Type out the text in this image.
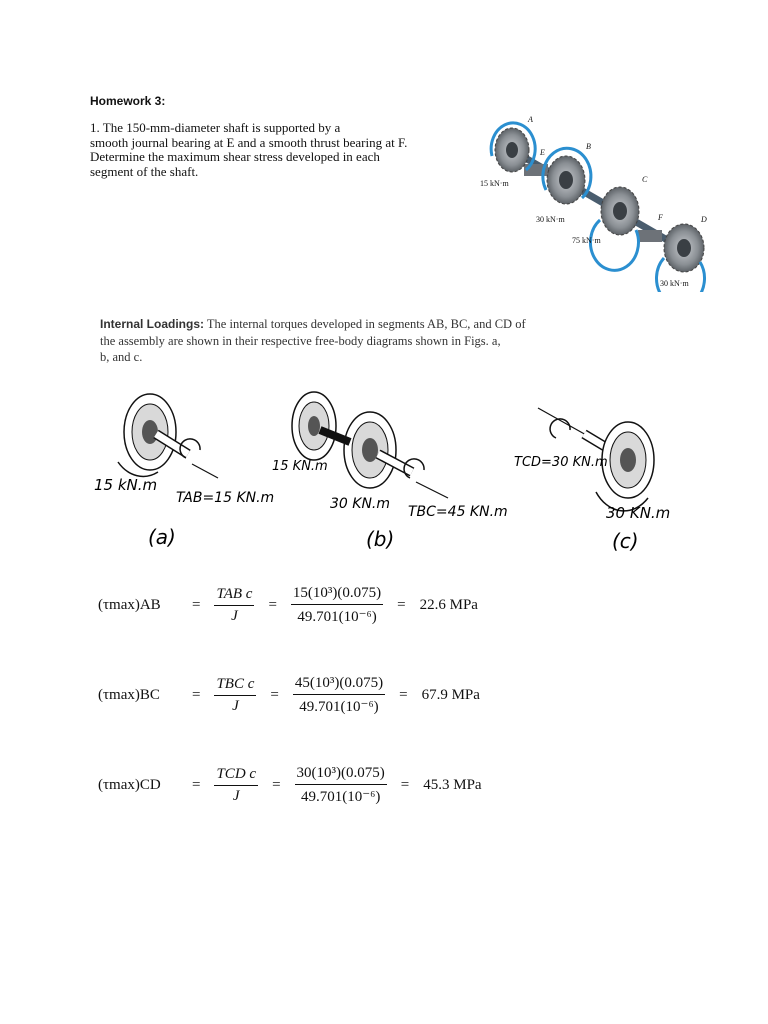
Homework 3:

1. The 150-mm-diameter shaft is supported by a

smooth journal bearing at E and a smooth thrust bearing at F.

Determine the maximum shear stress developed in each

segment of the shaft.

A
E
B
C
F	D
15 kN·m
30 kN·m
75 kN·m
30 kN·m

Internal Loadings: The internal torques developed in segments AB, BC, and CD of

the assembly are shown in their respective free-body diagrams shown in Figs. a,

b, and c.

15 kN.m
TAB=15 KN.m
(a)
15 KN.m
30 KN.m TBC=45 KN.m
(b)
TCD=30 KN.m
30 KN.m
(c)
(τmax)AB	= $\frac{\text{TAB c}}{J} = \frac{\text{15(10³)(0.075)}}{\text{49.701(10⁻⁶)}} = 22.6$ MPa
(τmax)BC	= $\frac{\text{TBC c}}{J} = \frac{\text{45(10³)(0.075)}}{\text{49.701(10⁻⁶)}} = 67.9$ MPa
(τmax)CD	= $\frac{\text{TCD c}}{J} = \frac{\text{30(10³)(0.075)}}{\text{49.701(10⁻⁶)}} = 45.3$ MPa
